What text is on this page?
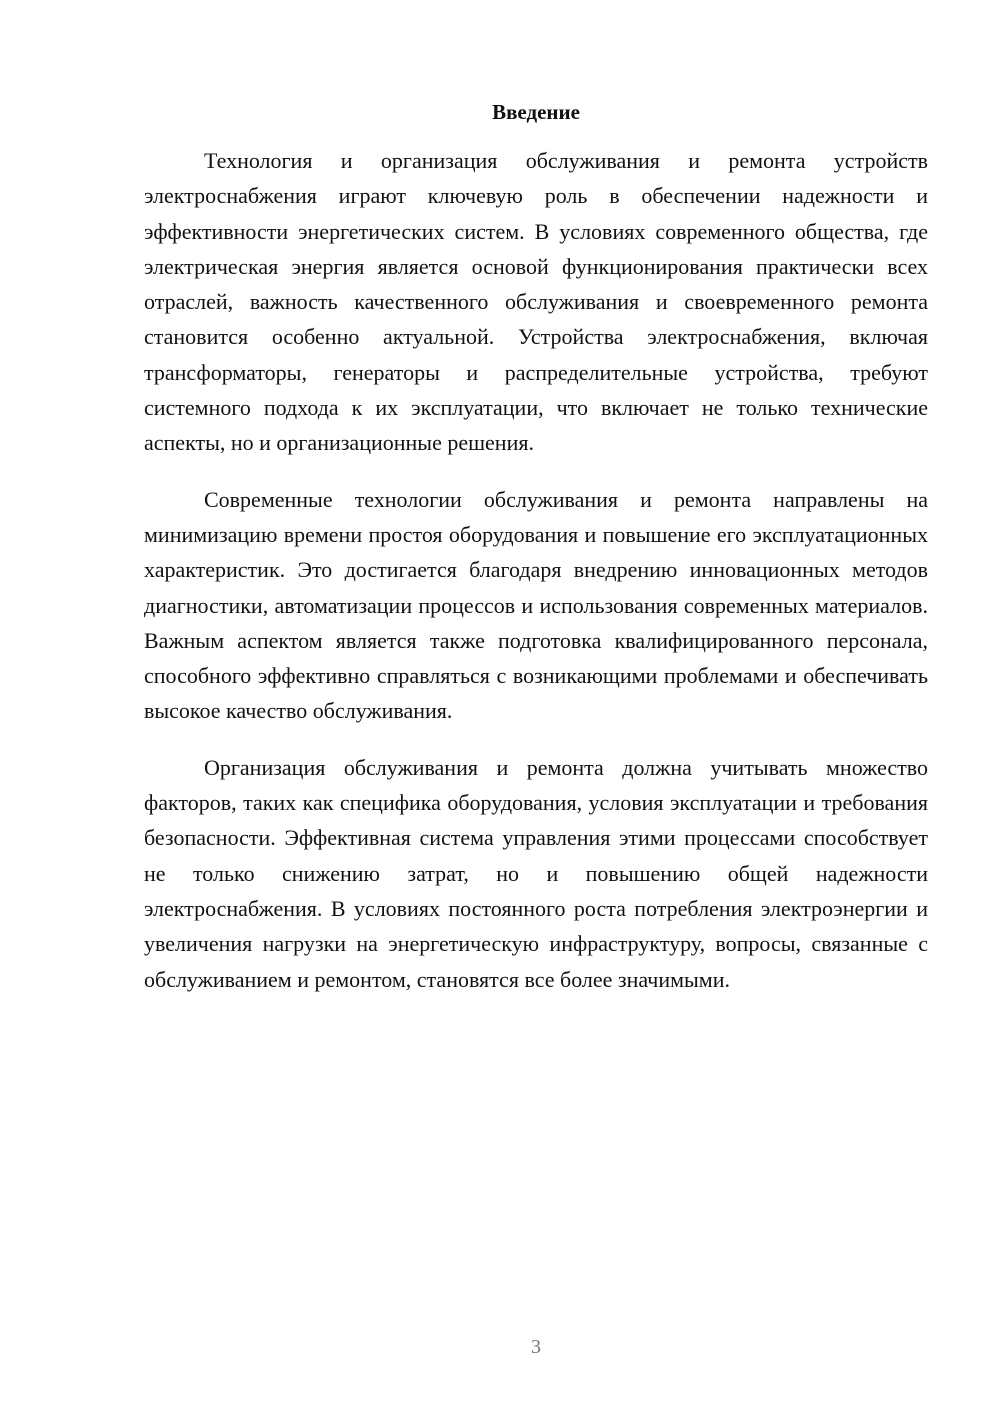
Введение

Технология и организация обслуживания и ремонта устройств электроснабжения играют ключевую роль в обеспечении надежности и эффективности энергетических систем. В условиях современного общества, где электрическая энергия является основой функционирования практически всех отраслей, важность качественного обслуживания и своевременного ремонта становится особенно актуальной. Устройства электроснабжения, включая трансформаторы, генераторы и распределительные устройства, требуют системного подхода к их эксплуатации, что включает не только технические аспекты, но и организационные решения.

Современные технологии обслуживания и ремонта направлены на минимизацию времени простоя оборудования и повышение его эксплуатационных характеристик. Это достигается благодаря внедрению инновационных методов диагностики, автоматизации процессов и использования современных материалов. Важным аспектом является также подготовка квалифицированного персонала, способного эффективно справляться с возникающими проблемами и обеспечивать высокое качество обслуживания.

Организация обслуживания и ремонта должна учитывать множество факторов, таких как специфика оборудования, условия эксплуатации и требования безопасности. Эффективная система управления этими процессами способствует не только снижению затрат, но и повышению общей надежности электроснабжения. В условиях постоянного роста потребления электроэнергии и увеличения нагрузки на энергетическую инфраструктуру, вопросы, связанные с обслуживанием и ремонтом, становятся все более значимыми.

3
